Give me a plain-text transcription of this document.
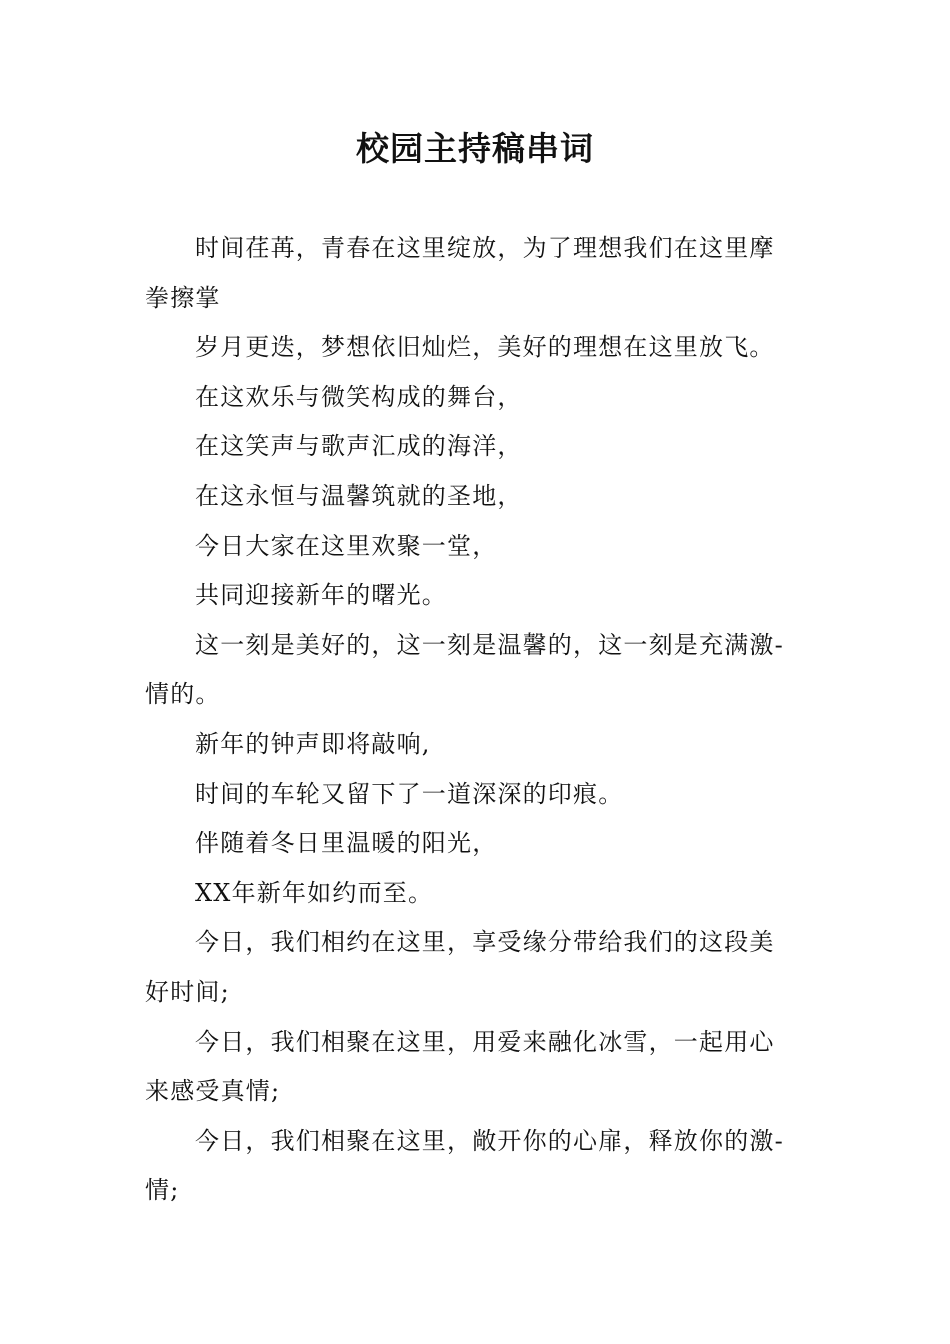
校园主持稿串词

时间荏苒，青春在这里绽放，为了理想我们在这里摩
拳擦掌

岁月更迭，梦想依旧灿烂，美好的理想在这里放飞。

在这欢乐与微笑构成的舞台，

在这笑声与歌声汇成的海洋，

在这永恒与温馨筑就的圣地，

今日大家在这里欢聚一堂，

共同迎接新年的曙光。

这一刻是美好的，这一刻是温馨的，这一刻是充满激-
情的。

新年的钟声即将敲响,

时间的车轮又留下了一道深深的印痕。

伴随着冬日里温暖的阳光，

XX年新年如约而至。

今日，我们相约在这里，享受缘分带给我们的这段美
好时间;

今日，我们相聚在这里，用爱来融化冰雪，一起用心
来感受真情;

今日，我们相聚在这里，敞开你的心扉，释放你的激-
情;
